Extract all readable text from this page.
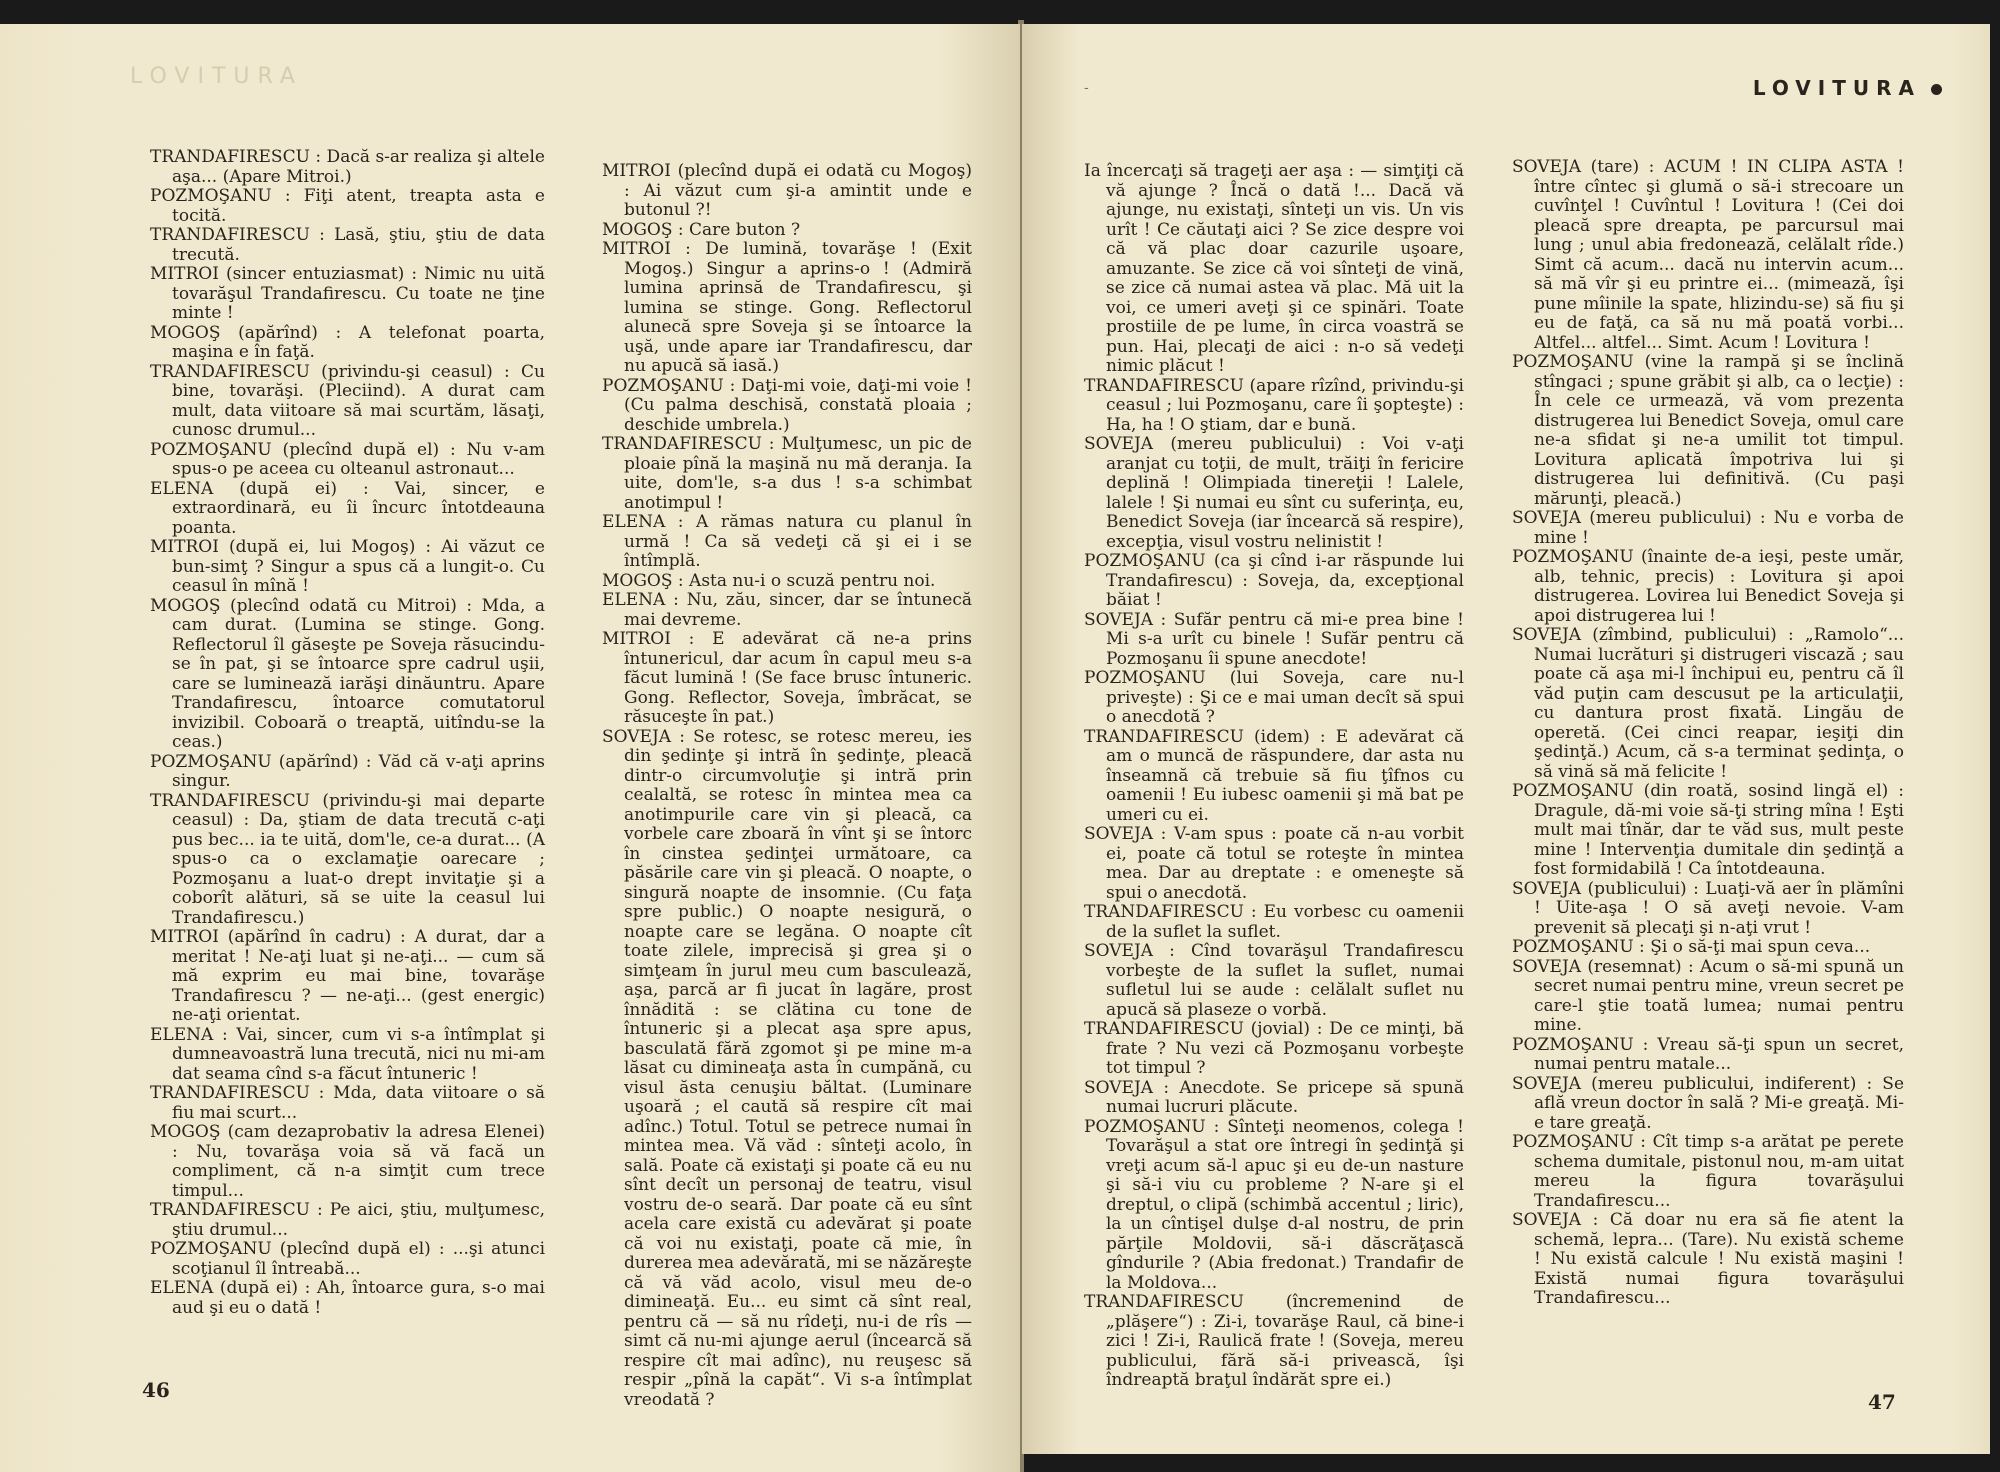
LOVITURA

TRANDAFIRESCU : Dacă s-ar realiza şi altele aşa... (Apare Mitroi.)

POZMOŞANU : Fiţi atent, treapta asta e tocită.

TRANDAFIRESCU : Lasă, ştiu, ştiu de data trecută.

MITROI (sincer entuziasmat) : Nimic nu uită tovarăşul Trandafirescu. Cu toate ne ţine minte !

MOGOŞ (apărînd) : A telefonat poarta, maşina e în faţă.

TRANDAFIRESCU (privindu-şi ceasul) : Cu bine, tovarăşi. (Pleciind). A durat cam mult, data viitoare să mai scurtăm, lăsaţi, cunosc drumul...

POZMOŞANU (plecînd după el) : Nu v-am spus-o pe aceea cu olteanul astronaut...

ELENA (după ei) : Vai, sincer, e extraordinară, eu îi încurc întotdeauna poanta.

MITROI (după ei, lui Mogoş) : Ai văzut ce bun-simţ ? Singur a spus că a lungit-o. Cu ceasul în mînă !

MOGOŞ (plecînd odată cu Mitroi) : Mda, a cam durat. (Lumina se stinge. Gong. Reflectorul îl găseşte pe Soveja răsucindu-se în pat, şi se întoarce spre cadrul uşii, care se luminează iarăşi dinăuntru. Apare Trandafirescu, întoarce comutatorul invizibil. Coboară o treaptă, uitîndu-se la ceas.)

POZMOŞANU (apărînd) : Văd că v-aţi aprins singur.

TRANDAFIRESCU (privindu-şi mai departe ceasul) : Da, ştiam de data trecută c-aţi pus bec... ia te uită, dom'le, ce-a durat... (A spus-o ca o exclamaţie oarecare ; Pozmoşanu a luat-o drept invitaţie şi a coborît alături, să se uite la ceasul lui Trandafirescu.)

MITROI (apărînd în cadru) : A durat, dar a meritat ! Ne-aţi luat şi ne-aţi... — cum să mă exprim eu mai bine, tovarăşe Trandafirescu ? — ne-aţi... (gest energic) ne-aţi orientat.

ELENA : Vai, sincer, cum vi s-a întîmplat şi dumneavoastră luna trecută, nici nu mi-am dat seama cînd s-a făcut întuneric !

TRANDAFIRESCU : Mda, data viitoare o să fiu mai scurt...

MOGOŞ (cam dezaprobativ la adresa Elenei) : Nu, tovarăşa voia să vă facă un compliment, că n-a simţit cum trece timpul...

TRANDAFIRESCU : Pe aici, ştiu, mulţumesc, ştiu drumul...

POZMOŞANU (plecînd după el) : ...şi atunci scoţianul îl întreabă...

ELENA (după ei) : Ah, întoarce gura, s-o mai aud şi eu o dată !

MITROI (plecînd după ei odată cu Mogoş) : Ai văzut cum şi-a amintit unde e butonul ?!

MOGOŞ : Care buton ?

MITROI : De lumină, tovarăşe ! (Exit Mogoş.) Singur a aprins-o ! (Admiră lumina aprinsă de Trandafirescu, şi lumina se stinge. Gong. Reflectorul alunecă spre Soveja şi se întoarce la uşă, unde apare iar Trandafirescu, dar nu apucă să iasă.)

POZMOŞANU : Daţi-mi voie, daţi-mi voie ! (Cu palma deschisă, constată ploaia ; deschide umbrela.)

TRANDAFIRESCU : Mulţumesc, un pic de ploaie pînă la maşină nu mă deranja. Ia uite, dom'le, s-a dus ! s-a schimbat anotimpul !

ELENA : A rămas natura cu planul în urmă ! Ca să vedeţi că şi ei i se întîmplă.

MOGOŞ : Asta nu-i o scuză pentru noi.

ELENA : Nu, zău, sincer, dar se întunecă mai devreme.

MITROI : E adevărat că ne-a prins întunericul, dar acum în capul meu s-a făcut lumină ! (Se face brusc întuneric. Gong. Reflector, Soveja, îmbrăcat, se răsuceşte în pat.)

SOVEJA : Se rotesc, se rotesc mereu, ies din şedinţe şi intră în şedinţe, pleacă dintr-o circumvoluţie şi intră prin cealaltă, se rotesc în mintea mea ca anotimpurile care vin şi pleacă, ca vorbele care zboară în vînt şi se întorc în cinstea şedinţei următoare, ca păsările care vin şi pleacă. O noapte, o singură noapte de insomnie. (Cu faţa spre public.) O noapte nesigură, o noapte care se legăna. O noapte cît toate zilele, imprecisă şi grea şi o simţeam în jurul meu cum basculează, aşa, parcă ar fi jucat în lagăre, prost înnădită : se clătina cu tone de întuneric şi a plecat aşa spre apus, basculată fără zgomot şi pe mine m-a lăsat cu dimineaţa asta în cumpănă, cu visul ăsta cenuşiu băltat. (Luminare uşoară ; el caută să respire cît mai adînc.) Totul. Totul se petrece numai în mintea mea. Vă văd : sînteţi acolo, în sală. Poate că existaţi şi poate că eu nu sînt decît un personaj de teatru, visul vostru de-o seară. Dar poate că eu sînt acela care există cu adevărat şi poate că voi nu existaţi, poate că mie, în durerea mea adevărată, mi se năzăreşte că vă văd acolo, visul meu de-o dimineaţă. Eu... eu simt că sînt real, pentru că — să nu rîdeţi, nu-i de rîs — simt că nu-mi ajunge aerul (încearcă să respire cît mai adînc), nu reuşesc să respir „pînă la capăt“. Vi s-a întîmplat vreodată ?

46
LOVITURA

Ia încercaţi să trageţi aer aşa : — simţiţi că vă ajunge ? Încă o dată !... Dacă vă ajunge, nu existaţi, sînteţi un vis. Un vis urît ! Ce căutaţi aici ? Se zice despre voi că vă plac doar cazurile uşoare, amuzante. Se zice că voi sînteţi de vină, se zice că numai astea vă plac. Mă uit la voi, ce umeri aveţi şi ce spinări. Toate prostiile de pe lume, în circa voastră se pun. Hai, plecaţi de aici : n-o să vedeţi nimic plăcut !

TRANDAFIRESCU (apare rîzînd, privindu-şi ceasul ; lui Pozmoşanu, care îi şopteşte) : Ha, ha ! O ştiam, dar e bună.

SOVEJA (mereu publicului) : Voi v-aţi aranjat cu toţii, de mult, trăiţi în fericire deplină ! Olimpiada tinereţii ! Lalele, lalele ! Şi numai eu sînt cu suferinţa, eu, Benedict Soveja (iar încearcă să respire), excepţia, visul vostru nelinistit !

POZMOŞANU (ca şi cînd i-ar răspunde lui Trandafirescu) : Soveja, da, excepţional băiat !

SOVEJA : Sufăr pentru că mi-e prea bine ! Mi s-a urît cu binele ! Sufăr pentru că Pozmoşanu îi spune anecdote!

POZMOŞANU (lui Soveja, care nu-l priveşte) : Şi ce e mai uman decît să spui o anecdotă ?

TRANDAFIRESCU (idem) : E adevărat că am o muncă de răspundere, dar asta nu înseamnă că trebuie să fiu ţîfnos cu oamenii ! Eu iubesc oamenii şi mă bat pe umeri cu ei.

SOVEJA : V-am spus : poate că n-au vorbit ei, poate că totul se roteşte în mintea mea. Dar au dreptate : e omeneşte să spui o anecdotă.

TRANDAFIRESCU : Eu vorbesc cu oamenii de la suflet la suflet.

SOVEJA : Cînd tovarăşul Trandafirescu vorbeşte de la suflet la suflet, numai sufletul lui se aude : celălalt suflet nu apucă să plaseze o vorbă.

TRANDAFIRESCU (jovial) : De ce minţi, bă frate ? Nu vezi că Pozmoşanu vorbeşte tot timpul ?

SOVEJA : Anecdote. Se pricepe să spună numai lucruri plăcute.

POZMOŞANU : Sînteţi neomenos, colega ! Tovarăşul a stat ore întregi în şedinţă şi vreţi acum să-l apuc şi eu de-un nasture şi să-i viu cu probleme ? N-are şi el dreptul, o clipă (schimbă accentul ; liric), la un cîntişel dulşe d-al nostru, de prin părţile Moldovii, să-i dăscrăţască gîndurile ? (Abia fredonat.) Trandafir de la Moldova...

TRANDAFIRESCU (încremenind de „plăşere“) : Zi-i, tovarăşe Raul, că bine-i zici ! Zi-i, Raulică frate ! (Soveja, mereu publicului, fără să-i privească, îşi îndreaptă braţul îndărăt spre ei.)

SOVEJA (tare) : ACUM ! IN CLIPA ASTA ! între cîntec şi glumă o să-i strecoare un cuvînţel ! Cuvîntul ! Lovitura ! (Cei doi pleacă spre dreapta, pe parcursul mai lung ; unul abia fredonează, celălalt rîde.) Simt că acum... dacă nu intervin acum... să mă vîr şi eu printre ei... (mimează, îşi pune mîinile la spate, hlizindu-se) să fiu şi eu de faţă, ca să nu mă poată vorbi... Altfel... altfel... Simt. Acum ! Lovitura !

POZMOŞANU (vine la rampă şi se înclină stîngaci ; spune grăbit şi alb, ca o lecţie) : În cele ce urmează, vă vom prezenta distrugerea lui Benedict Soveja, omul care ne-a sfidat şi ne-a umilit tot timpul. Lovitura aplicată împotriva lui şi distrugerea lui definitivă. (Cu paşi mărunţi, pleacă.)

SOVEJA (mereu publicului) : Nu e vorba de mine !

POZMOŞANU (înainte de-a ieşi, peste umăr, alb, tehnic, precis) : Lovitura şi apoi distrugerea. Lovirea lui Benedict Soveja şi apoi distrugerea lui !

SOVEJA (zîmbind, publicului) : „Ramolo“... Numai lucrături şi distrugeri viscază ; sau poate că aşa mi-l închipui eu, pentru că îl văd puţin cam descusut pe la articulaţii, cu dantura prost fixată. Lingău de operetă. (Cei cinci reapar, ieşiţi din şedinţă.) Acum, că s-a terminat şedinţa, o să vină să mă felicite !

POZMOŞANU (din roată, sosind lingă el) : Dragule, dă-mi voie să-ţi string mîna ! Eşti mult mai tînăr, dar te văd sus, mult peste mine ! Intervenţia dumitale din şedinţă a fost formidabilă ! Ca întotdeauna.

SOVEJA (publicului) : Luaţi-vă aer în plămîni ! Uite-aşa ! O să aveţi nevoie. V-am prevenit să plecaţi şi n-aţi vrut !

POZMOŞANU : Şi o să-ţi mai spun ceva...

SOVEJA (resemnat) : Acum o să-mi spună un secret numai pentru mine, vreun secret pe care-l ştie toată lumea; numai pentru mine.

POZMOŞANU : Vreau să-ţi spun un secret, numai pentru matale...

SOVEJA (mereu publicului, indiferent) : Se află vreun doctor în sală ? Mi-e greaţă. Mi-e tare greaţă.

POZMOŞANU : Cît timp s-a arătat pe perete schema dumitale, pistonul nou, m-am uitat mereu la figura tovarăşului Trandafirescu...

SOVEJA : Că doar nu era să fie atent la schemă, lepra... (Tare). Nu există scheme ! Nu există calcule ! Nu există maşini ! Există numai figura tovarăşului Trandafirescu...

47
-
